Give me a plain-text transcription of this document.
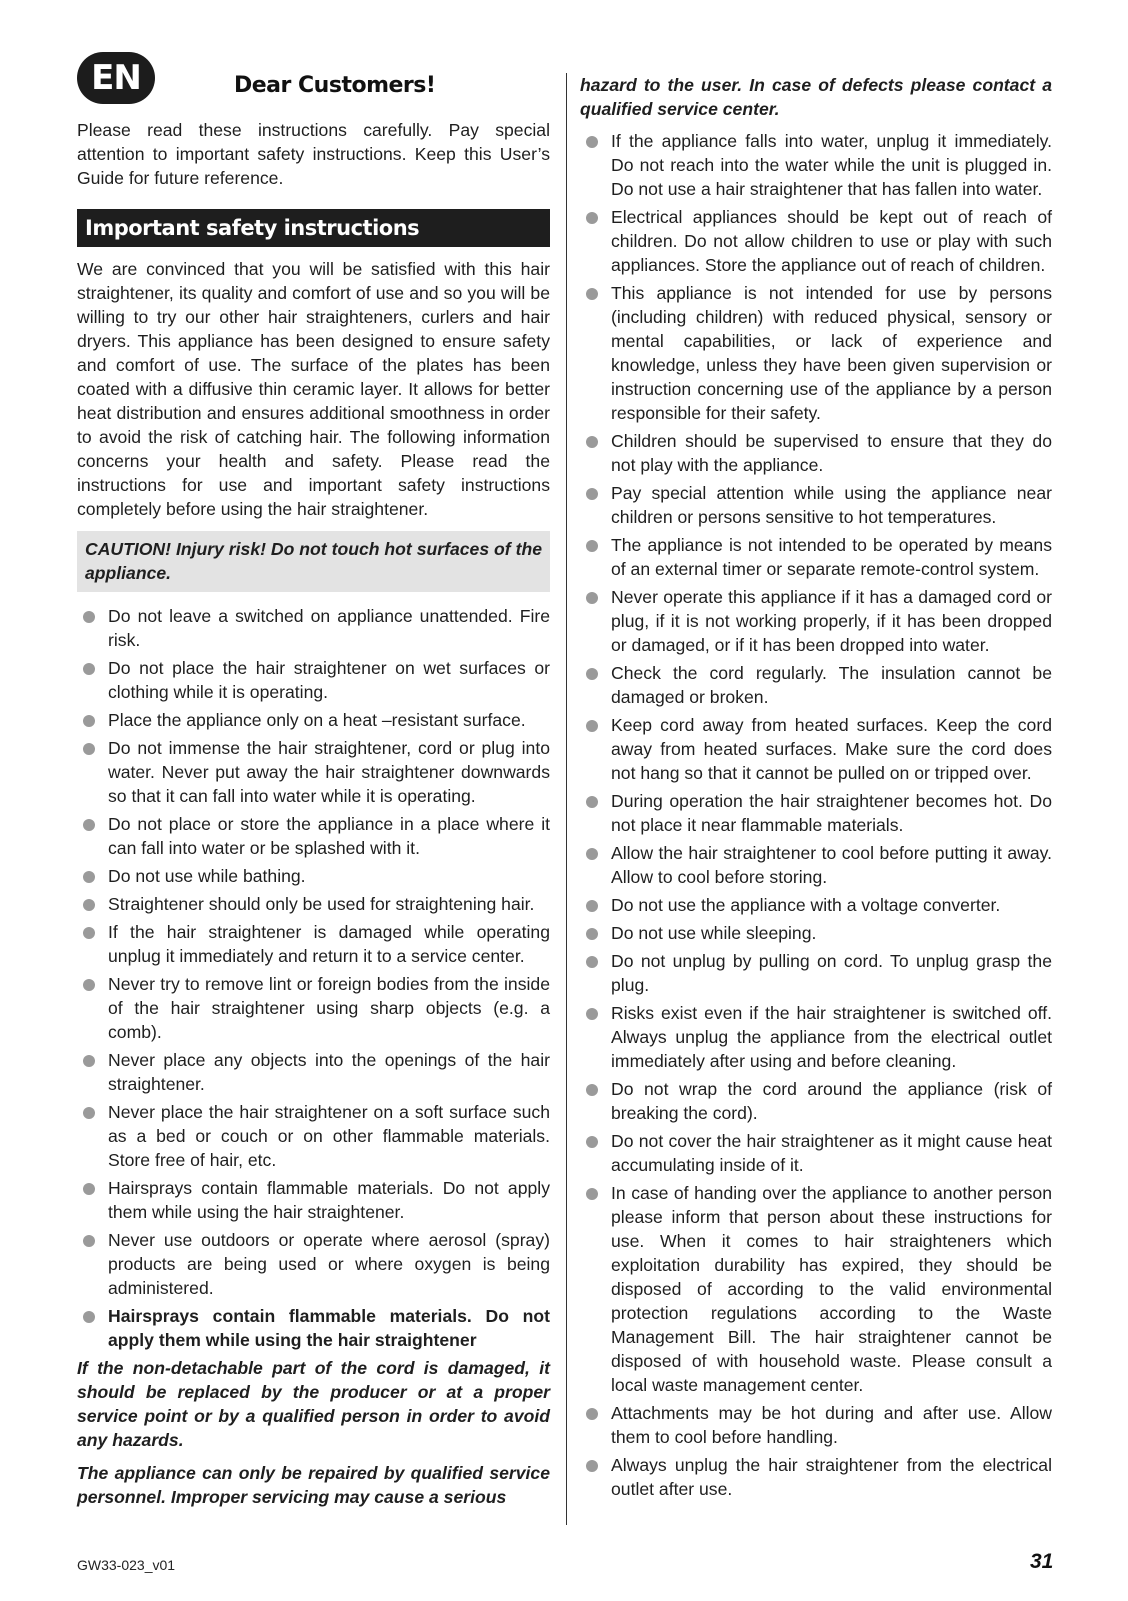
EN	Dear Customers!

Please read these instructions carefully. Pay special attention to important safety instructions. Keep this User’s Guide for future reference.

Important safety instructions

We are convinced that you will be satisfied with this hair straightener, its quality and comfort of use and so you will be willing to try our other hair straighteners, curlers and hair dryers. This appliance has been designed to ensure safety and comfort of use. The surface of the plates has been coated with a diffusive thin ceramic layer. It allows for better heat distribution and ensures additional smoothness in order to avoid the risk of catching hair. The following information concerns your health and safety. Please read the instructions for use and important safety instructions completely before using the hair straightener.

CAUTION! Injury risk! Do not touch hot surfaces of the appliance.
Do not leave a switched on appliance unattended. Fire risk.
Do not place the hair straightener on wet surfaces or clothing while it is operating.
Place the appliance only on a heat –resistant surface.
Do not immense the hair straightener, cord or plug into water. Never put away the hair straightener downwards so that it can fall into water while it is operating.
Do not place or store the appliance in a place where it can fall into water or be splashed with it.
Do not use while bathing.
Straightener should only be used for straightening hair.
If the hair straightener is damaged while operating unplug it immediately and return it to a service center.
Never try to remove lint or foreign bodies from the inside of the hair straightener using sharp objects (e.g. a comb).
Never place any objects into the openings of the hair straightener.
Never place the hair straightener on a soft surface such as a bed or couch or on other flammable materials. Store free of hair, etc.
Hairsprays contain flammable materials. Do not apply them while using the hair straightener.
Never use outdoors or operate where aerosol (spray) products are being used or where oxygen is being administered.
Hairsprays contain flammable materials. Do not apply them while using the hair straightener

If the non-detachable part of the cord is damaged, it should be replaced by the producer or at a proper service point or by a qualified person in order to avoid any hazards.

The appliance can only be repaired by qualified service personnel. Improper servicing may cause a serious

hazard to the user. In case of defects please contact a qualified service center.

If the appliance falls into water, unplug it immediately. Do not reach into the water while the unit is plugged in. Do not use a hair straightener that has fallen into water.
Electrical appliances should be kept out of reach of children. Do not allow children to use or play with such appliances. Store the appliance out of reach of children.
This appliance is not intended for use by persons (including children) with reduced physical, sensory or mental capabilities, or lack of experience and knowledge, unless they have been given supervision or instruction concerning use of the appliance by a person responsible for their safety.
Children should be supervised to ensure that they do not play with the appliance.
Pay special attention while using the appliance near children or persons sensitive to hot temperatures.
The appliance is not intended to be operated by means of an external timer or separate remote-control system.
Never operate this appliance if it has a damaged cord or plug, if it is not working properly, if it has been dropped or damaged, or if it has been dropped into water.
Check the cord regularly. The insulation cannot be damaged or broken.
Keep cord away from heated surfaces. Keep the cord away from heated surfaces. Make sure the cord does not hang so that it cannot be pulled on or tripped over.
During operation the hair straightener becomes hot. Do not place it near flammable materials.
Allow the hair straightener to cool before putting it away. Allow to cool before storing.
Do not use the appliance with a voltage converter.
Do not use while sleeping.
Do not unplug by pulling on cord. To unplug grasp the plug.
Risks exist even if the hair straightener is switched off. Always unplug the appliance from the electrical outlet immediately after using and before cleaning.
Do not wrap the cord around the appliance (risk of breaking the cord).
Do not cover the hair straightener as it might cause heat accumulating inside of it.
In case of handing over the appliance to another person please inform that person about these instructions for use. When it comes to hair straighteners which exploitation durability has expired, they should be disposed of according to the valid environmental protection regulations according to the Waste Management Bill. The hair straightener cannot be disposed of with household waste. Please consult a local waste management center.
Attachments may be hot during and after use. Allow them to cool before handling.
Always unplug the hair straightener from the electrical outlet after use.
GW33-023_v01	31
